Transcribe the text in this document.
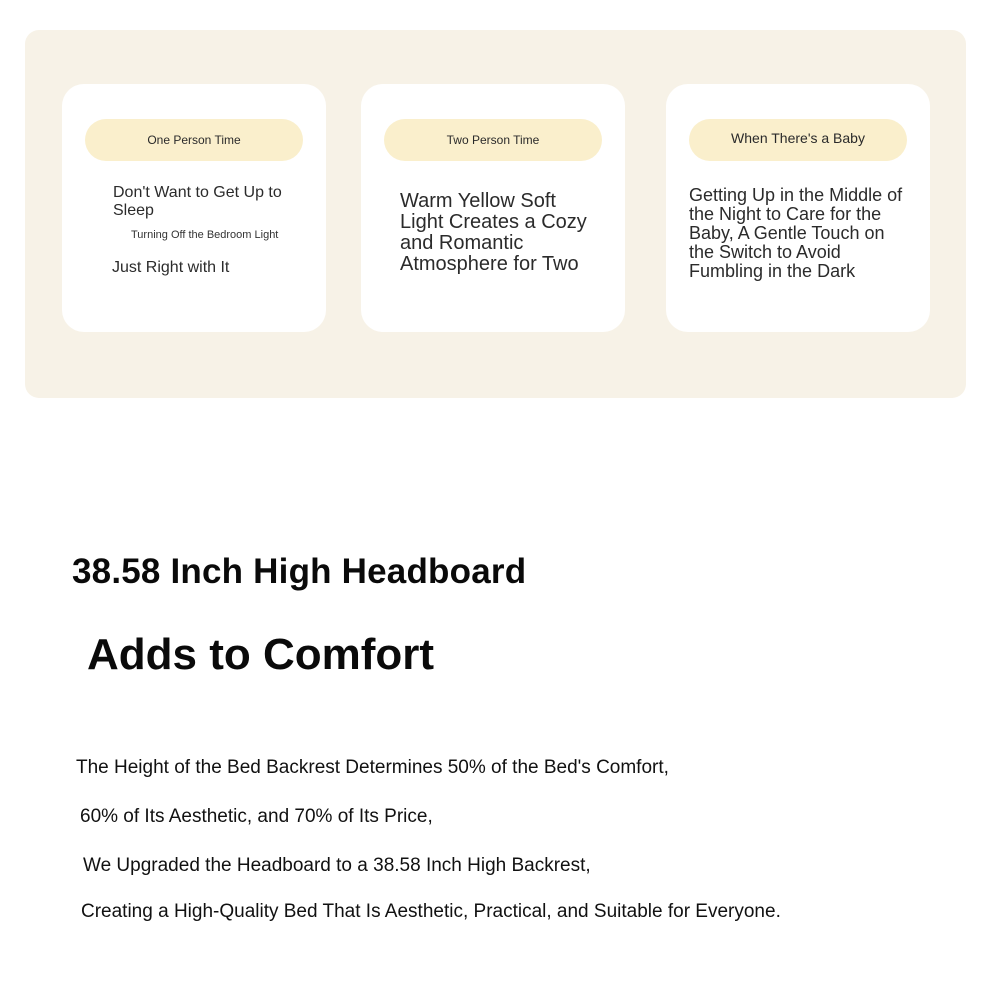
One Person Time
Don't Want to Get Up to Sleep
Turning Off the Bedroom Light
Just Right with It
Two Person Time
Warm Yellow Soft Light Creates a Cozy and Romantic Atmosphere for Two
When There's a Baby
Getting Up in the Middle of the Night to Care for the Baby, A Gentle Touch on the Switch to Avoid Fumbling in the Dark
38.58 Inch High Headboard
Adds to Comfort
The Height of the Bed Backrest Determines 50% of the Bed's Comfort,
60% of Its Aesthetic, and 70% of Its Price,
We Upgraded the Headboard to a 38.58 Inch High Backrest,
Creating a High-Quality Bed That Is Aesthetic, Practical, and Suitable for Everyone.
